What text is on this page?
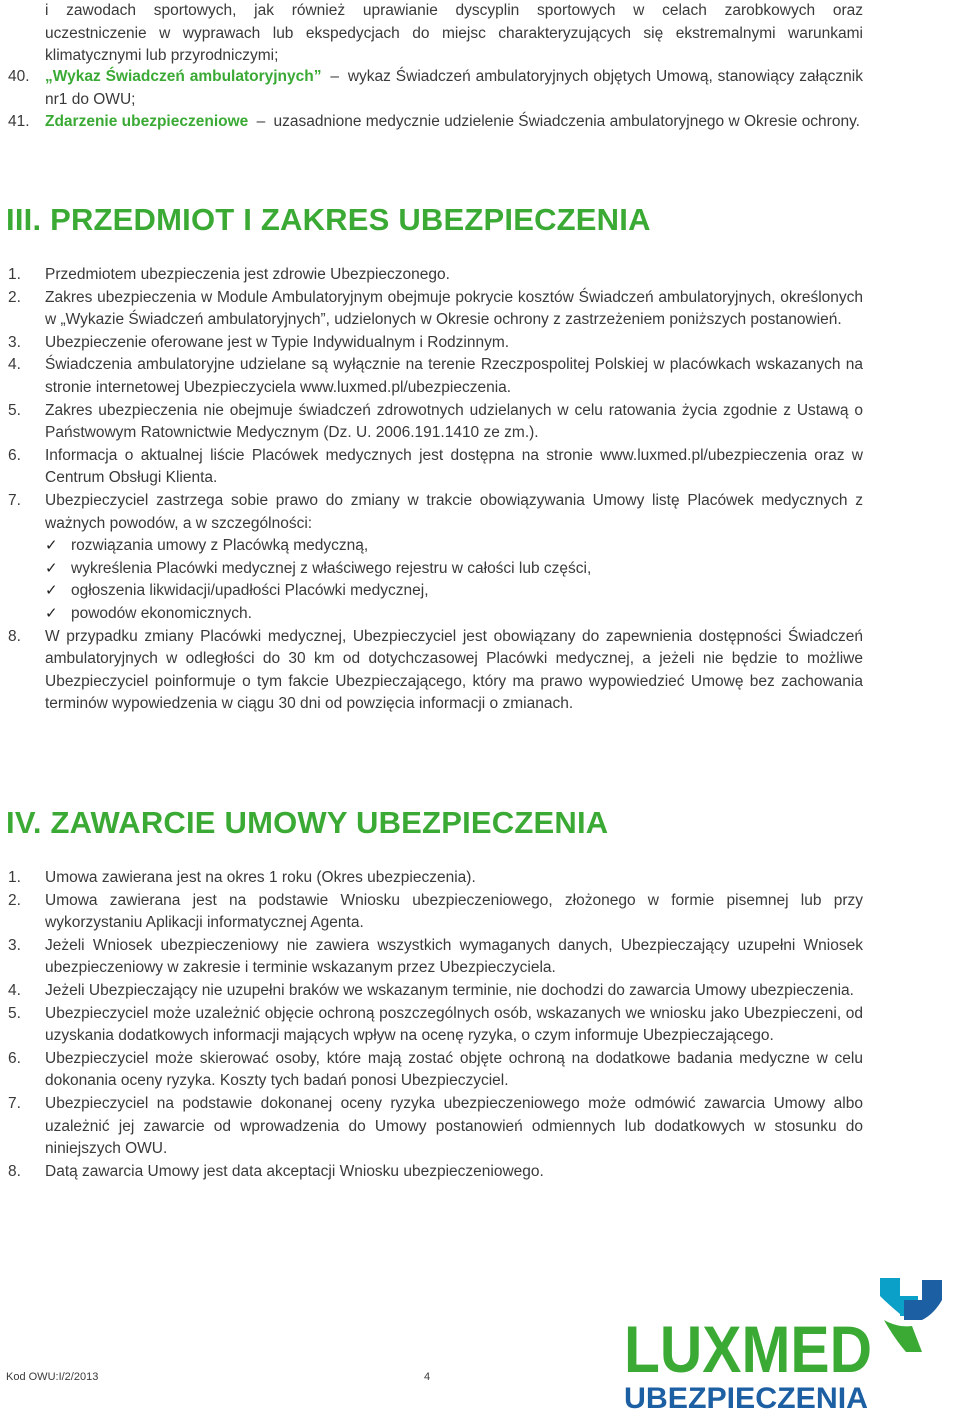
i zawodach sportowych, jak również uprawianie dyscyplin sportowych w celach zarobkowych oraz
uczestniczenie w wyprawach lub ekspedycjach do miejsc charakteryzujących się ekstremalnymi warunkami
klimatycznymi lub przyrodniczymi;
40. „Wykaz Świadczeń ambulatoryjnych” – wykaz Świadczeń ambulatoryjnych objętych Umową, stanowiący załącznik nr1 do OWU;
41. Zdarzenie ubezpieczeniowe – uzasadnione medycznie udzielenie Świadczenia ambulatoryjnego w Okresie ochrony.
III. PRZEDMIOT I ZAKRES UBEZPIECZENIA
1.	Przedmiotem ubezpieczenia jest zdrowie Ubezpieczonego.
2.	Zakres ubezpieczenia w Module Ambulatoryjnym obejmuje pokrycie kosztów Świadczeń ambulatoryjnych, określonych w „Wykazie Świadczeń ambulatoryjnych”, udzielonych w Okresie ochrony z zastrzeżeniem poniższych postanowień.
3.	Ubezpieczenie oferowane jest w Typie Indywidualnym i Rodzinnym.
4.	Świadczenia ambulatoryjne udzielane są wyłącznie na terenie Rzeczpospolitej Polskiej w placówkach wskazanych na stronie internetowej Ubezpieczyciela www.luxmed.pl/ubezpieczenia.
5.	Zakres ubezpieczenia nie obejmuje świadczeń zdrowotnych udzielanych w celu ratowania życia zgodnie z Ustawą o Państwowym Ratownictwie Medycznym (Dz. U. 2006.191.1410 ze zm.).
6.	Informacja o aktualnej liście Placówek medycznych jest dostępna na stronie www.luxmed.pl/ubezpieczenia oraz w Centrum Obsługi Klienta.
7.	Ubezpieczyciel zastrzega sobie prawo do zmiany w trakcie obowiązywania Umowy listę Placówek medycznych z ważnych powodów, a w szczególności:
✓ rozwiązania umowy z Placówką medyczną,
✓ wykreślenia Placówki medycznej z właściwego rejestru w całości lub części,
✓ ogłoszenia likwidacji/upadłości Placówki medycznej,
✓ powodów ekonomicznych.
8.	W przypadku zmiany Placówki medycznej, Ubezpieczyciel jest obowiązany do zapewnienia dostępności Świadczeń ambulatoryjnych w odległości do 30 km od dotychczasowej Placówki medycznej, a jeżeli nie będzie to możliwe Ubezpieczyciel poinformuje o tym fakcie Ubezpieczającego, który ma prawo wypowiedzieć Umowę bez zachowania terminów wypowiedzenia w ciągu 30 dni od powzięcia informacji o zmianach.
IV. ZAWARCIE UMOWY UBEZPIECZENIA
1.	Umowa zawierana jest na okres 1 roku (Okres ubezpieczenia).
2.	Umowa zawierana jest na podstawie Wniosku ubezpieczeniowego, złożonego w formie pisemnej lub przy wykorzystaniu Aplikacji informatycznej Agenta.
3.	Jeżeli Wniosek ubezpieczeniowy nie zawiera wszystkich wymaganych danych, Ubezpieczający uzupełni Wniosek ubezpieczeniowy w zakresie i terminie wskazanym przez Ubezpieczyciela.
4.	Jeżeli Ubezpieczający nie uzupełni braków we wskazanym terminie, nie dochodzi do zawarcia Umowy ubezpieczenia.
5.	Ubezpieczyciel może uzależnić objęcie ochroną poszczególnych osób, wskazanych we wniosku jako Ubezpieczeni, od uzyskania dodatkowych informacji mających wpływ na ocenę ryzyka, o czym informuje Ubezpieczającego.
6.	Ubezpieczyciel może skierować osoby, które mają zostać objęte ochroną na dodatkowe badania medyczne w celu dokonania oceny ryzyka. Koszty tych badań ponosi Ubezpieczyciel.
7.	Ubezpieczyciel na podstawie dokonanej oceny ryzyka ubezpieczeniowego może odmówić zawarcia Umowy albo uzależnić jej zawarcie od wprowadzenia do Umowy postanowień odmiennych lub dodatkowych w stosunku do niniejszych OWU.
8.	Datą zawarcia Umowy jest data akceptacji Wniosku ubezpieczeniowego.
Kod OWU:I/2/2013	4	LUXMED
UBEZPIECZENIA
